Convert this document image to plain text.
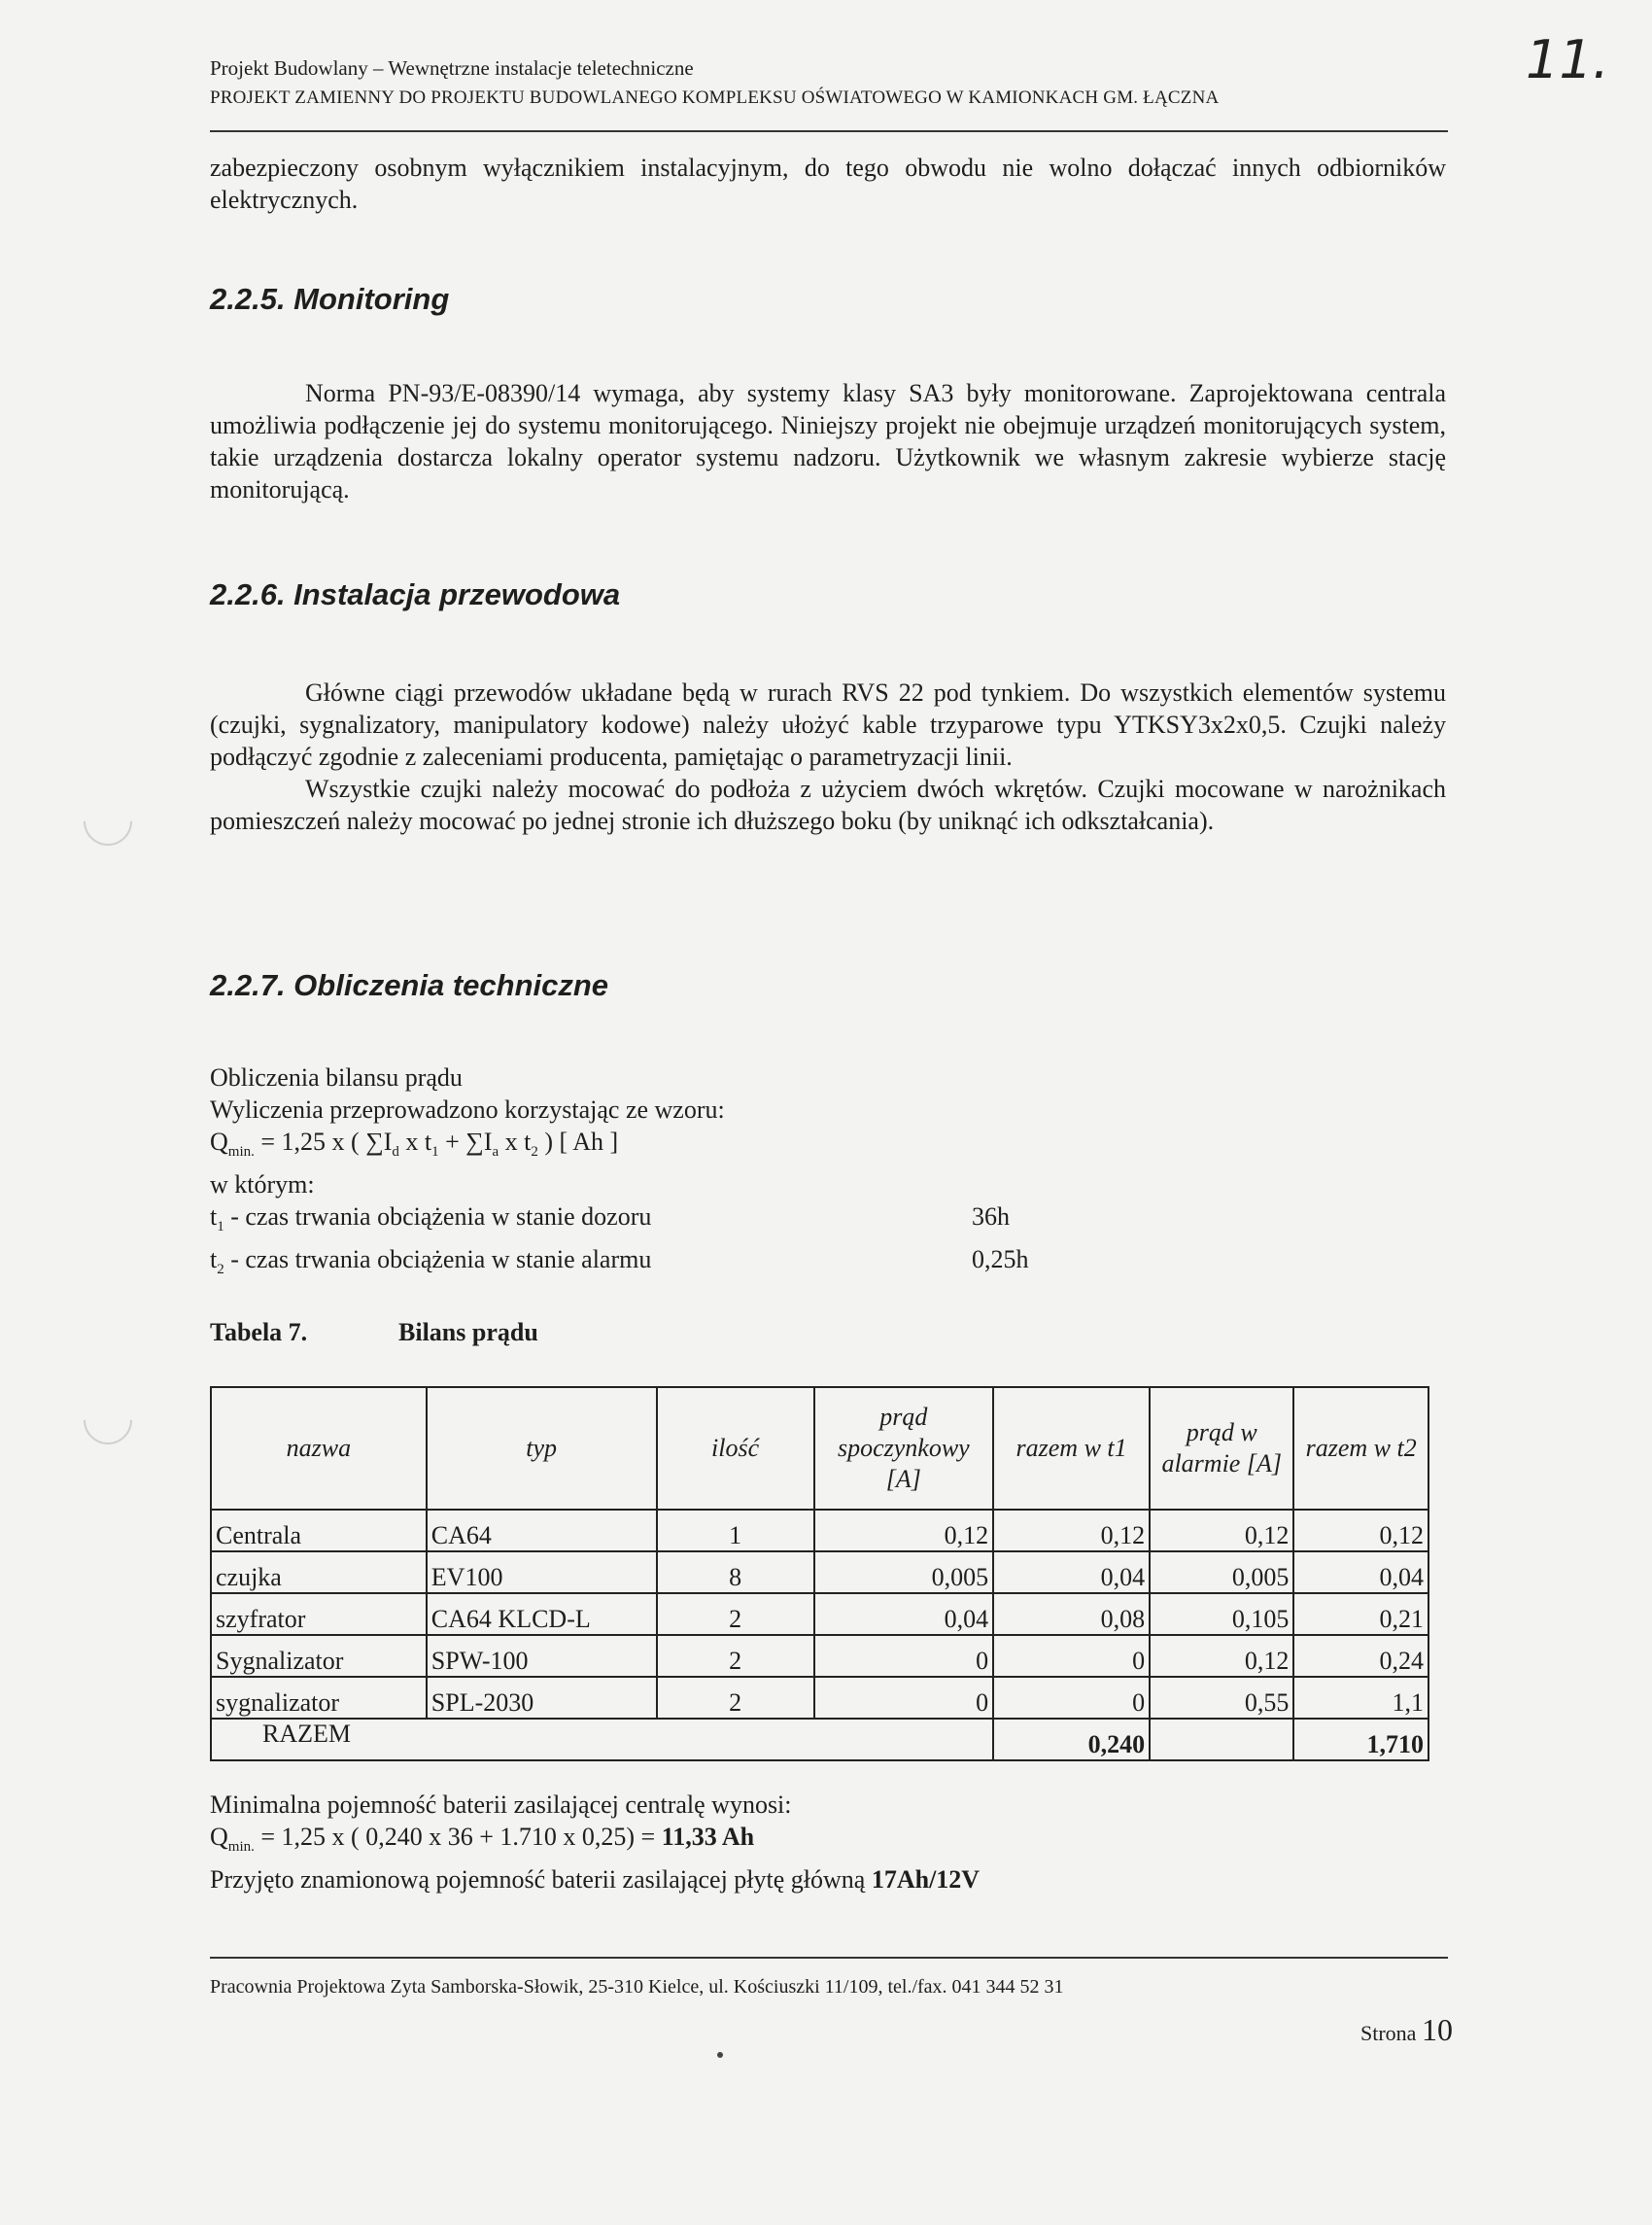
Projekt Budowlany – Wewnętrzne instalacje teletechniczne
PROJEKT ZAMIENNY DO PROJEKTU BUDOWLANEGO KOMPLEKSU OŚWIATOWEGO W KAMIONKACH GM. ŁĄCZNA
11.

zabezpieczony osobnym wyłącznikiem instalacyjnym, do tego obwodu nie wolno dołączać innych odbiorników elektrycznych.

2.2.5. Monitoring

Norma PN-93/E-08390/14 wymaga, aby systemy klasy SA3 były monitorowane. Zaprojektowana centrala umożliwia podłączenie jej do systemu monitorującego. Niniejszy projekt nie obejmuje urządzeń monitorujących system, takie urządzenia dostarcza lokalny operator systemu nadzoru. Użytkownik we własnym zakresie wybierze stację monitorującą.

2.2.6. Instalacja przewodowa

Główne ciągi przewodów układane będą w rurach RVS 22 pod tynkiem. Do wszystkich elementów systemu (czujki, sygnalizatory, manipulatory kodowe) należy ułożyć kable trzyparowe typu YTKSY3x2x0,5. Czujki należy podłączyć zgodnie z zaleceniami producenta, pamiętając o parametryzacji linii.

Wszystkie czujki należy mocować do podłoża z użyciem dwóch wkrętów. Czujki mocowane w narożnikach pomieszczeń należy mocować po jednej stronie ich dłuższego boku (by uniknąć ich odkształcania).

2.2.7. Obliczenia techniczne
Obliczenia bilansu prądu
Wyliczenia przeprowadzono korzystając ze wzoru:
$Q_{min.} = 1,25$ x ( $\sum I_d$ x $t_1 + \sum I_a$ x $t_2$ ) [ Ah ]
w którym:
$t_1$ - czas trwania obciążenia w stanie dozoru	36h
$t_2$ - czas trwania obciążenia w stanie alarmu	0,25h
Tabela 7.	Bilans prądu
nazwa	typ	ilość	prąd spoczynkowy [A]	razem w t1	prąd w alarmie [A]	razem w t2
Centrala	CA64	1	0,12	0,12	0,12	0,12
czujka	EV100	8	0,005	0,04	0,005	0,04
szyfrator	CA64 KLCD-L	2	0,04	0,08	0,105	0,21
Sygnalizator	SPW-100	2	0	0	0,12	0,24
sygnalizator	SPL-2030	2	0	0	0,55	1,1
RAZEM				0,240		1,710
Minimalna pojemność baterii zasilającej centralę wynosi:
$Q_{min.} = 1,25$ x ( 0,240 x 36 + 1.710 x 0,25) = 11,33 Ah
Przyjęto znamionową pojemność baterii zasilającej płytę główną 17Ah/12V
Pracownia Projektowa Zyta Samborska-Słowik, 25-310 Kielce, ul. Kościuszki 11/109, tel./fax. 041 344 52 31
Strona 10
